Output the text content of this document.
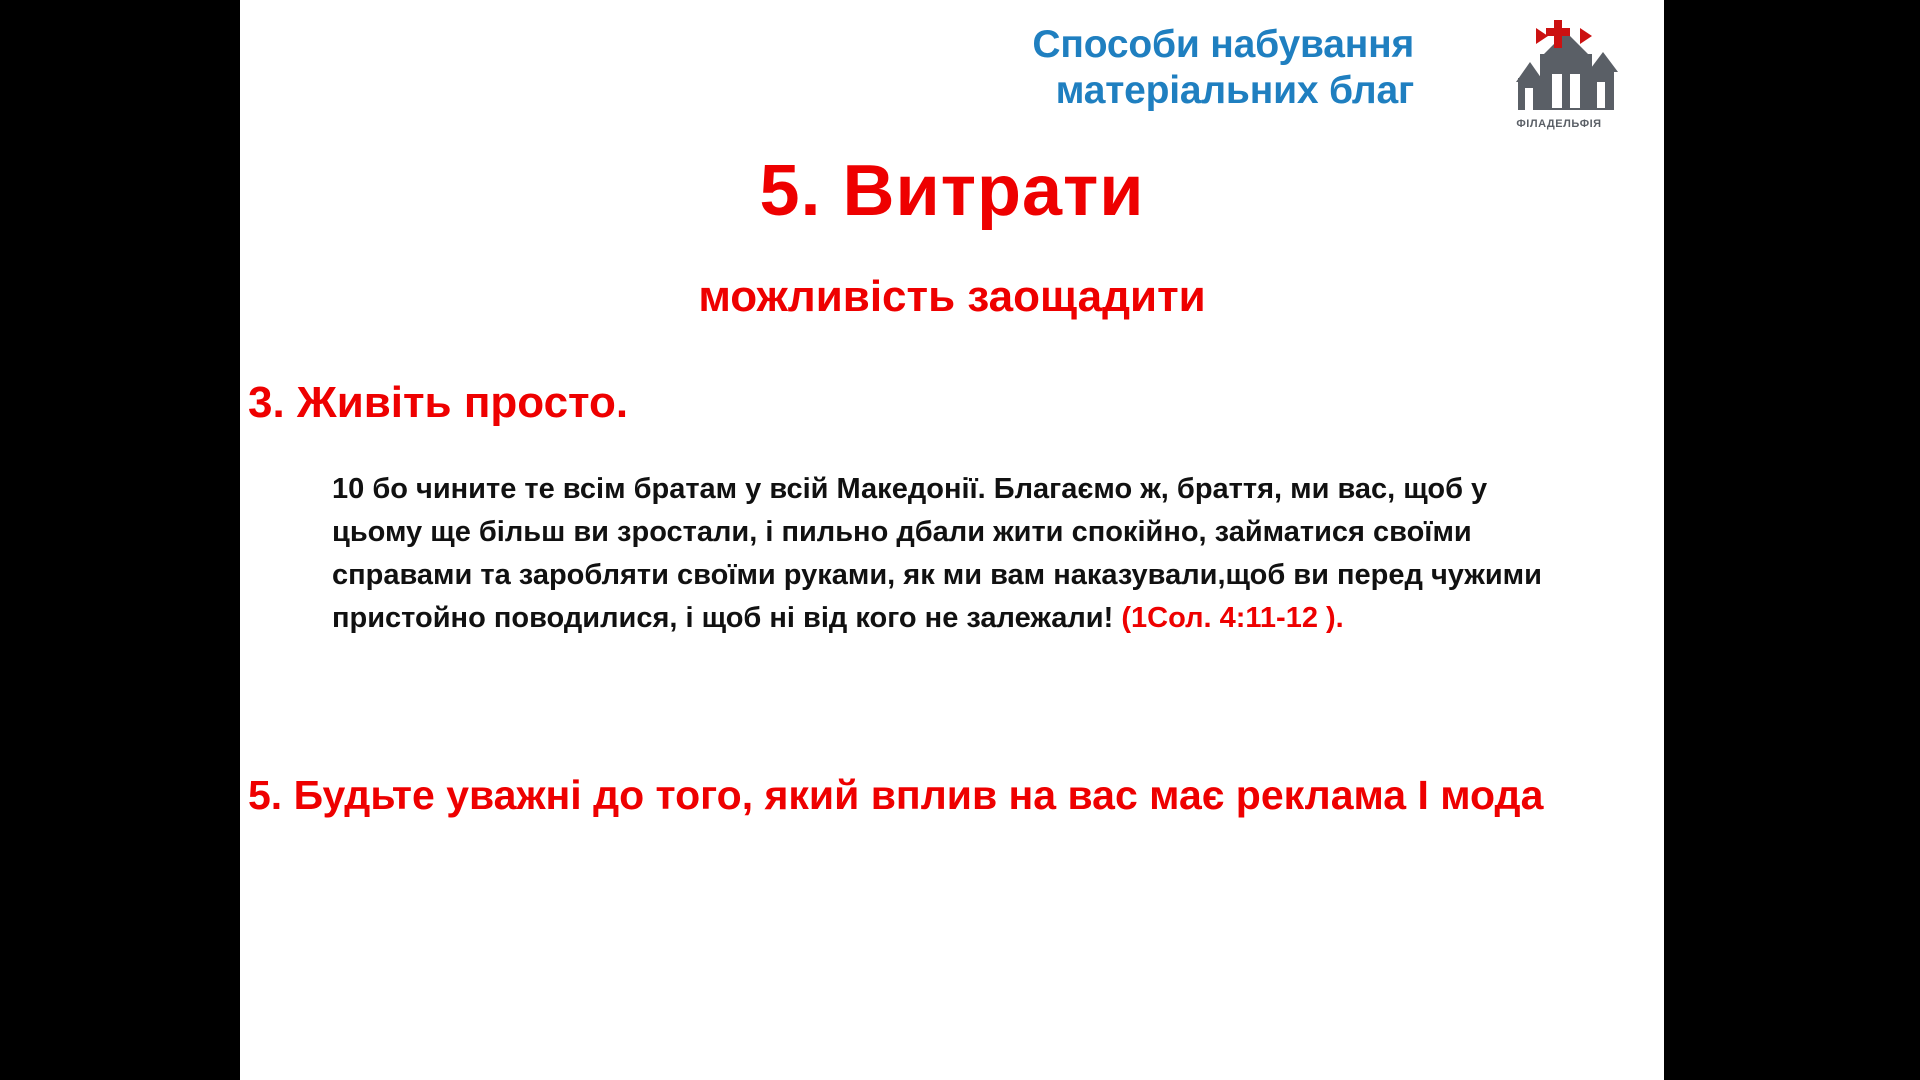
Способи набування
матеріальних благ
ФІЛАДЕЛЬФІЯ
5. Витрати
можливість заощадити
3. Живіть просто.
10 бо чините те всім братам у всій Македонії. Благаємо ж, браття, ми вас, щоб у цьому ще більш ви зростали, і пильно дбали жити спокійно, займатися своїми справами та заробляти своїми руками, як ми вам наказували,щоб ви перед чужими пристойно поводилися, і щоб ні від кого не залежали! (1Сол. 4:11-12 ).
5. Будьте уважні до того, який вплив на вас має реклама І мода
